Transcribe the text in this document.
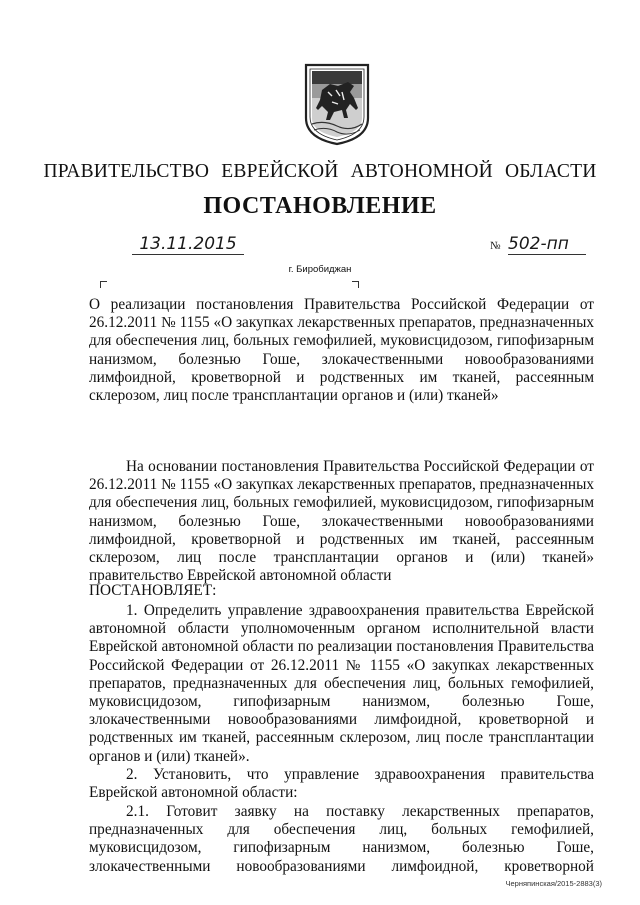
ПРАВИТЕЛЬСТВО ЕВРЕЙСКОЙ АВТОНОМНОЙ ОБЛАСТИ
ПОСТАНОВЛЕНИЕ
13.11.2015	№ 502-пп
г. Биробиджан

О реализации постановления Правительства Российской Федерации от 26.12.2011 № 1155 «О закупках лекарственных препаратов, предназначенных для обеспечения лиц, больных гемофилией, муковисцидозом, гипофизарным нанизмом, болезнью Гоше, злокачественными новообразованиями лимфоидной, кроветворной и родственных им тканей, рассеянным склерозом, лиц после трансплантации органов и (или) тканей»

На основании постановления Правительства Российской Федерации от 26.12.2011 № 1155 «О закупках лекарственных препаратов, предназначенных для обеспечения лиц, больных гемофилией, муковисцидозом, гипофизарным нанизмом, болезнью Гоше, злокачественными новообразованиями лимфоидной, кроветворной и родственных им тканей, рассеянным склерозом, лиц после трансплантации органов и (или) тканей» правительство Еврейской автономной области

ПОСТАНОВЛЯЕТ:

1. Определить управление здравоохранения правительства Еврейской автономной области уполномоченным органом исполнительной власти Еврейской автономной области по реализации постановления Правительства Российской Федерации от 26.12.2011 № 1155 «О закупках лекарственных препаратов, предназначенных для обеспечения лиц, больных гемофилией, муковисцидозом, гипофизарным нанизмом, болезнью Гоше, злокачественными новообразованиями лимфоидной, кроветворной и родственных им тканей, рассеянным склерозом, лиц после трансплантации органов и (или) тканей».

2. Установить, что управление здравоохранения правительства Еврейской автономной области:

2.1. Готовит заявку на поставку лекарственных препаратов, предназначенных для обеспечения лиц, больных гемофилией, муковисцидозом, гипофизарным нанизмом, болезнью Гоше, злокачественными новообразованиями лимфоидной, кроветворной

Черняпинская/2015-2883(3)
